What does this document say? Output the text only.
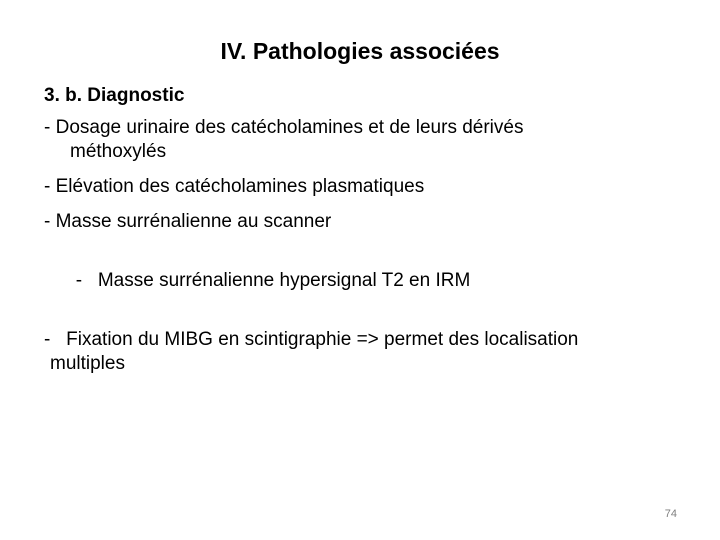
IV. Pathologies associées
3. b. Diagnostic
- Dosage urinaire des catécholamines et de leurs dérivés
méthoxylés
- Elévation des catécholamines plasmatiques
- Masse surrénalienne au scanner

-   Masse surrénalienne hypersignal T2 en IRM

-   Fixation du MIBG en scintigraphie => permet des localisation
multiples
74
